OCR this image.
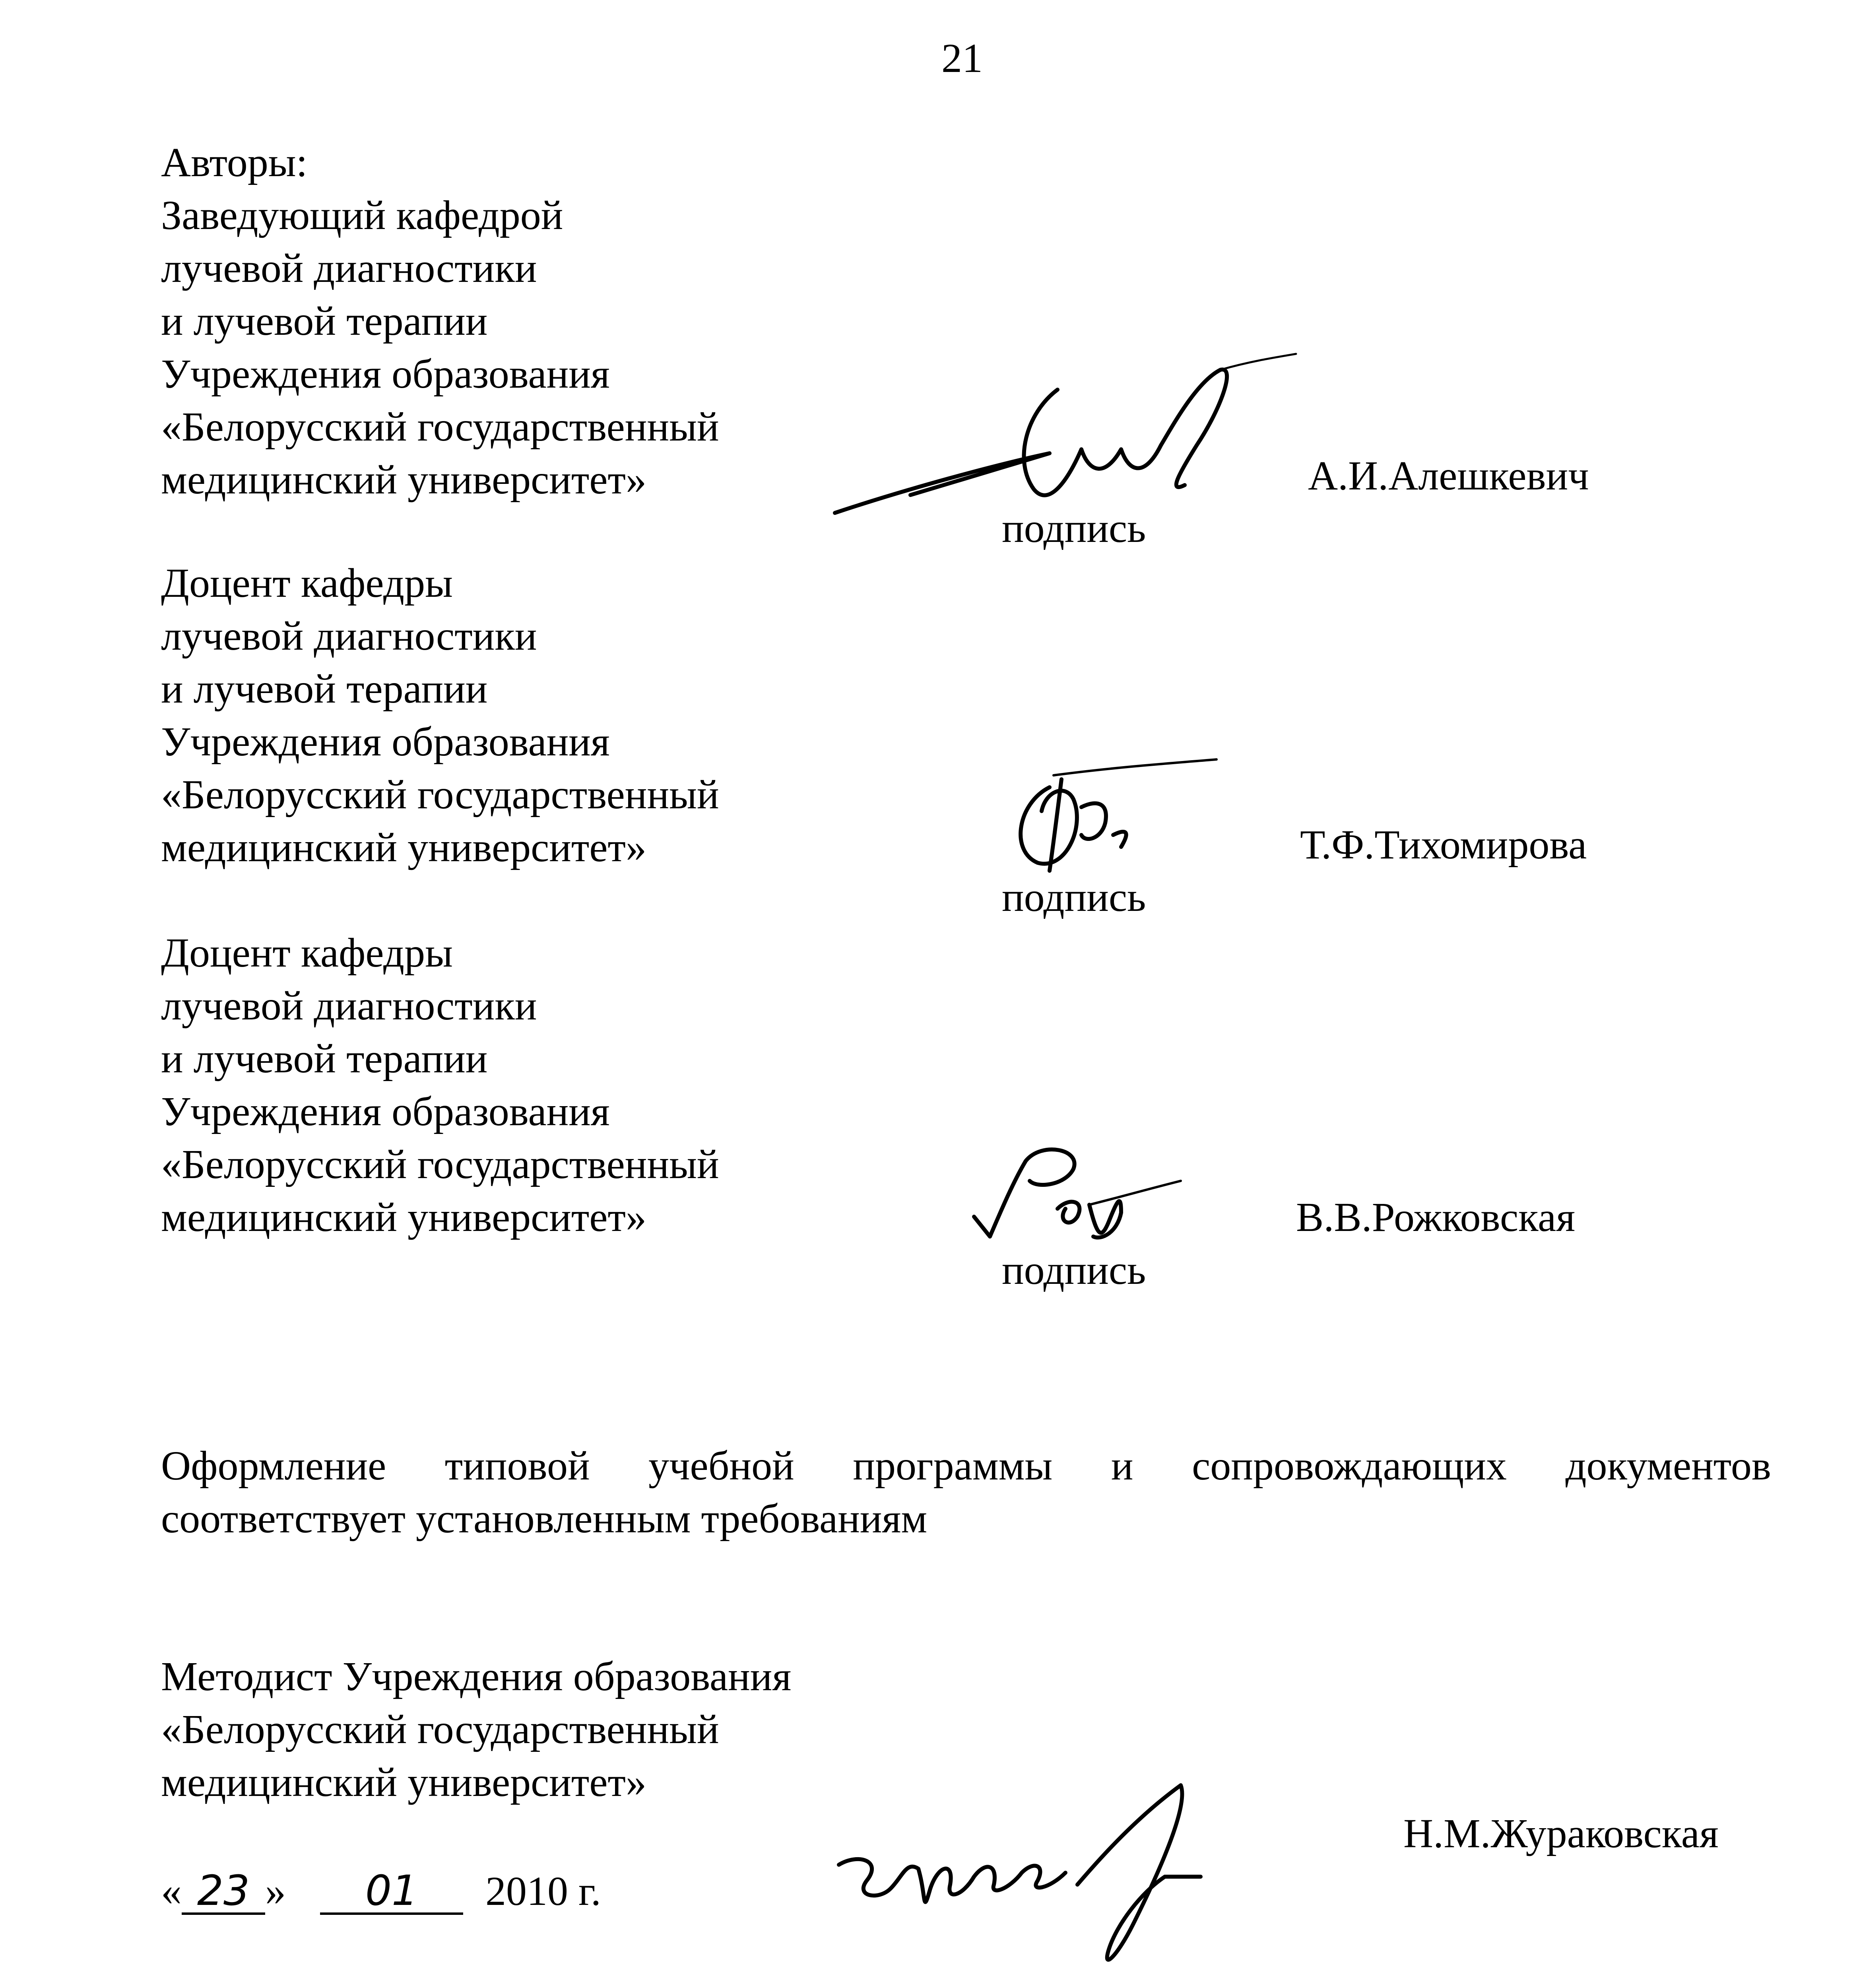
21
Авторы:
Заведующий кафедрой
лучевой диагностики
и лучевой терапии
Учреждения образования
«Белорусский государственный
медицинский университет»
подпись
А.И.Алешкевич
Доцент кафедры
лучевой диагностики
и лучевой терапии
Учреждения образования
«Белорусский государственный
медицинский университет»
подпись
Т.Ф.Тихомирова
Доцент кафедры
лучевой диагностики
и лучевой терапии
Учреждения образования
«Белорусский государственный
медицинский университет»
подпись
В.В.Рожковская
Оформление типовой учебной программы и сопровождающих документов
соответствует установленным требованиям
Методист Учреждения образования
«Белорусский государственный
медицинский университет»
Н.М.Журaковская
« 23 » 01 2010 г.
